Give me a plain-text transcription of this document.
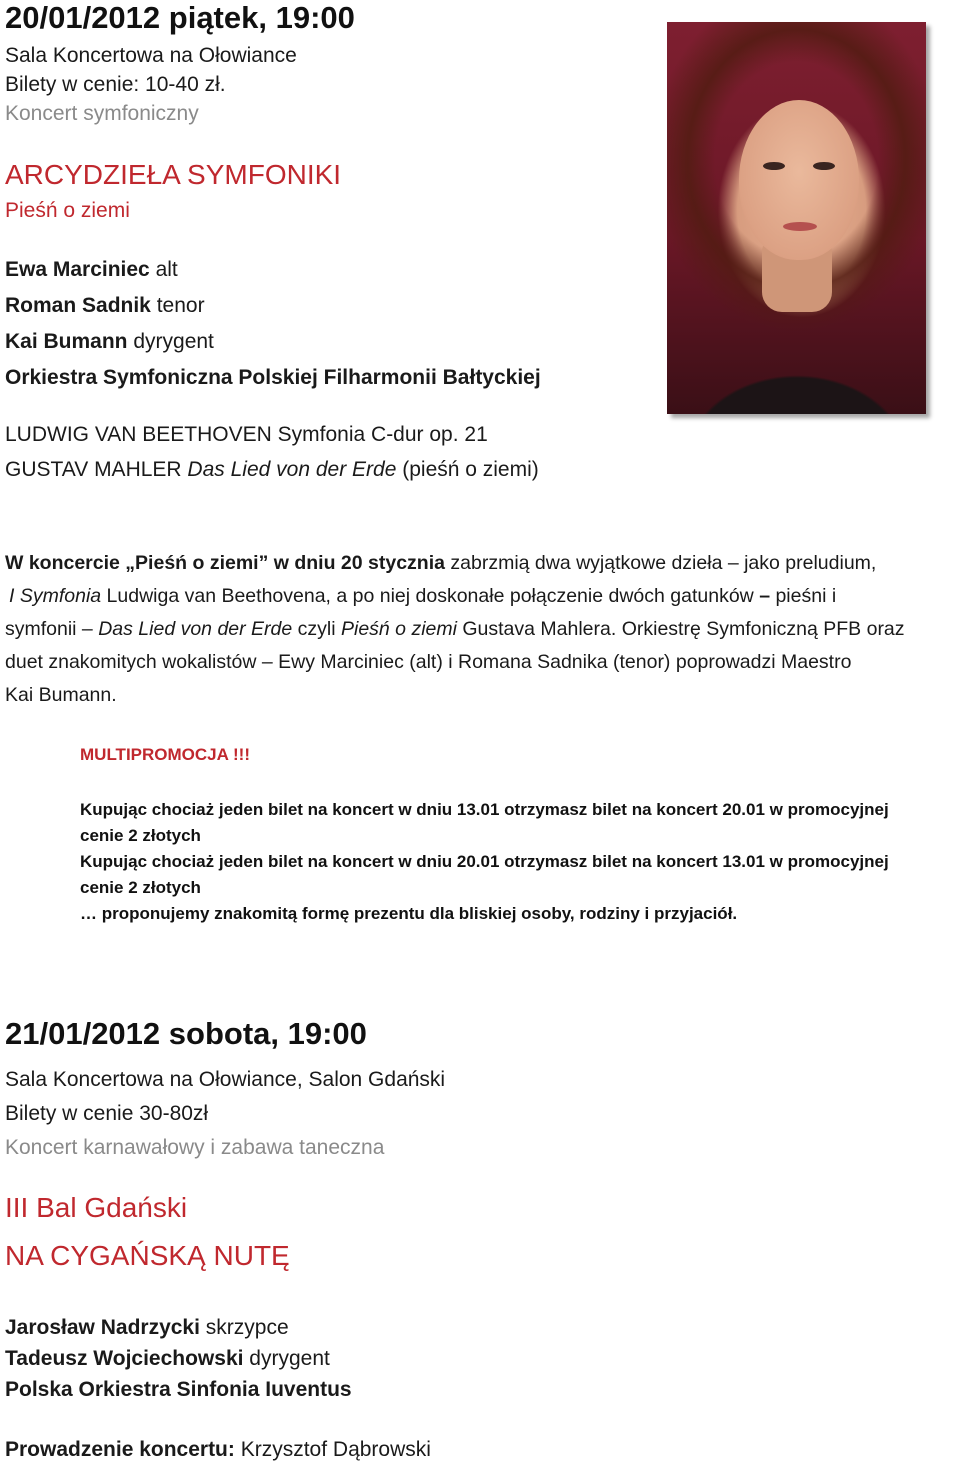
20/01/2012 piątek, 19:00
Sala Koncertowa na Ołowiance
Bilety w cenie: 10-40 zł.
Koncert symfoniczny
ARCYDZIEŁA SYMFONIKI
Pieśń o ziemi
Ewa Marciniec alt
Roman Sadnik tenor
Kai Bumann dyrygent
Orkiestra Symfoniczna Polskiej Filharmonii Bałtyckiej
LUDWIG VAN BEETHOVEN Symfonia C-dur op. 21
GUSTAV MAHLER Das Lied von der Erde (pieśń o ziemi)
W koncercie „Pieśń o ziemi” w dniu 20 stycznia zabrzmią dwa wyjątkowe dzieła – jako preludium,
I Symfonia Ludwiga van Beethovena, a po niej doskonałe połączenie dwóch gatunków – pieśni i
symfonii – Das Lied von der Erde czyli Pieśń o ziemi Gustava Mahlera. Orkiestrę Symfoniczną PFB oraz
duet znakomitych wokalistów – Ewy Marciniec (alt) i Romana Sadnika (tenor) poprowadzi Maestro
Kai Bumann.
MULTIPROMOCJA !!!
Kupując chociaż jeden bilet na koncert w dniu 13.01 otrzymasz bilet na koncert 20.01 w promocyjnej
cenie 2 złotych
Kupując chociaż jeden bilet na koncert w dniu 20.01 otrzymasz bilet na koncert 13.01 w promocyjnej
cenie 2 złotych
… proponujemy znakomitą formę prezentu dla bliskiej osoby, rodziny i przyjaciół.
21/01/2012 sobota, 19:00
Sala Koncertowa na Ołowiance, Salon Gdański
Bilety w cenie 30-80zł
Koncert karnawałowy i zabawa taneczna
III Bal Gdański
NA CYGAŃSKĄ NUTĘ
Jarosław Nadrzycki skrzypce
Tadeusz Wojciechowski dyrygent
Polska Orkiestra Sinfonia Iuventus
Prowadzenie koncertu: Krzysztof Dąbrowski
